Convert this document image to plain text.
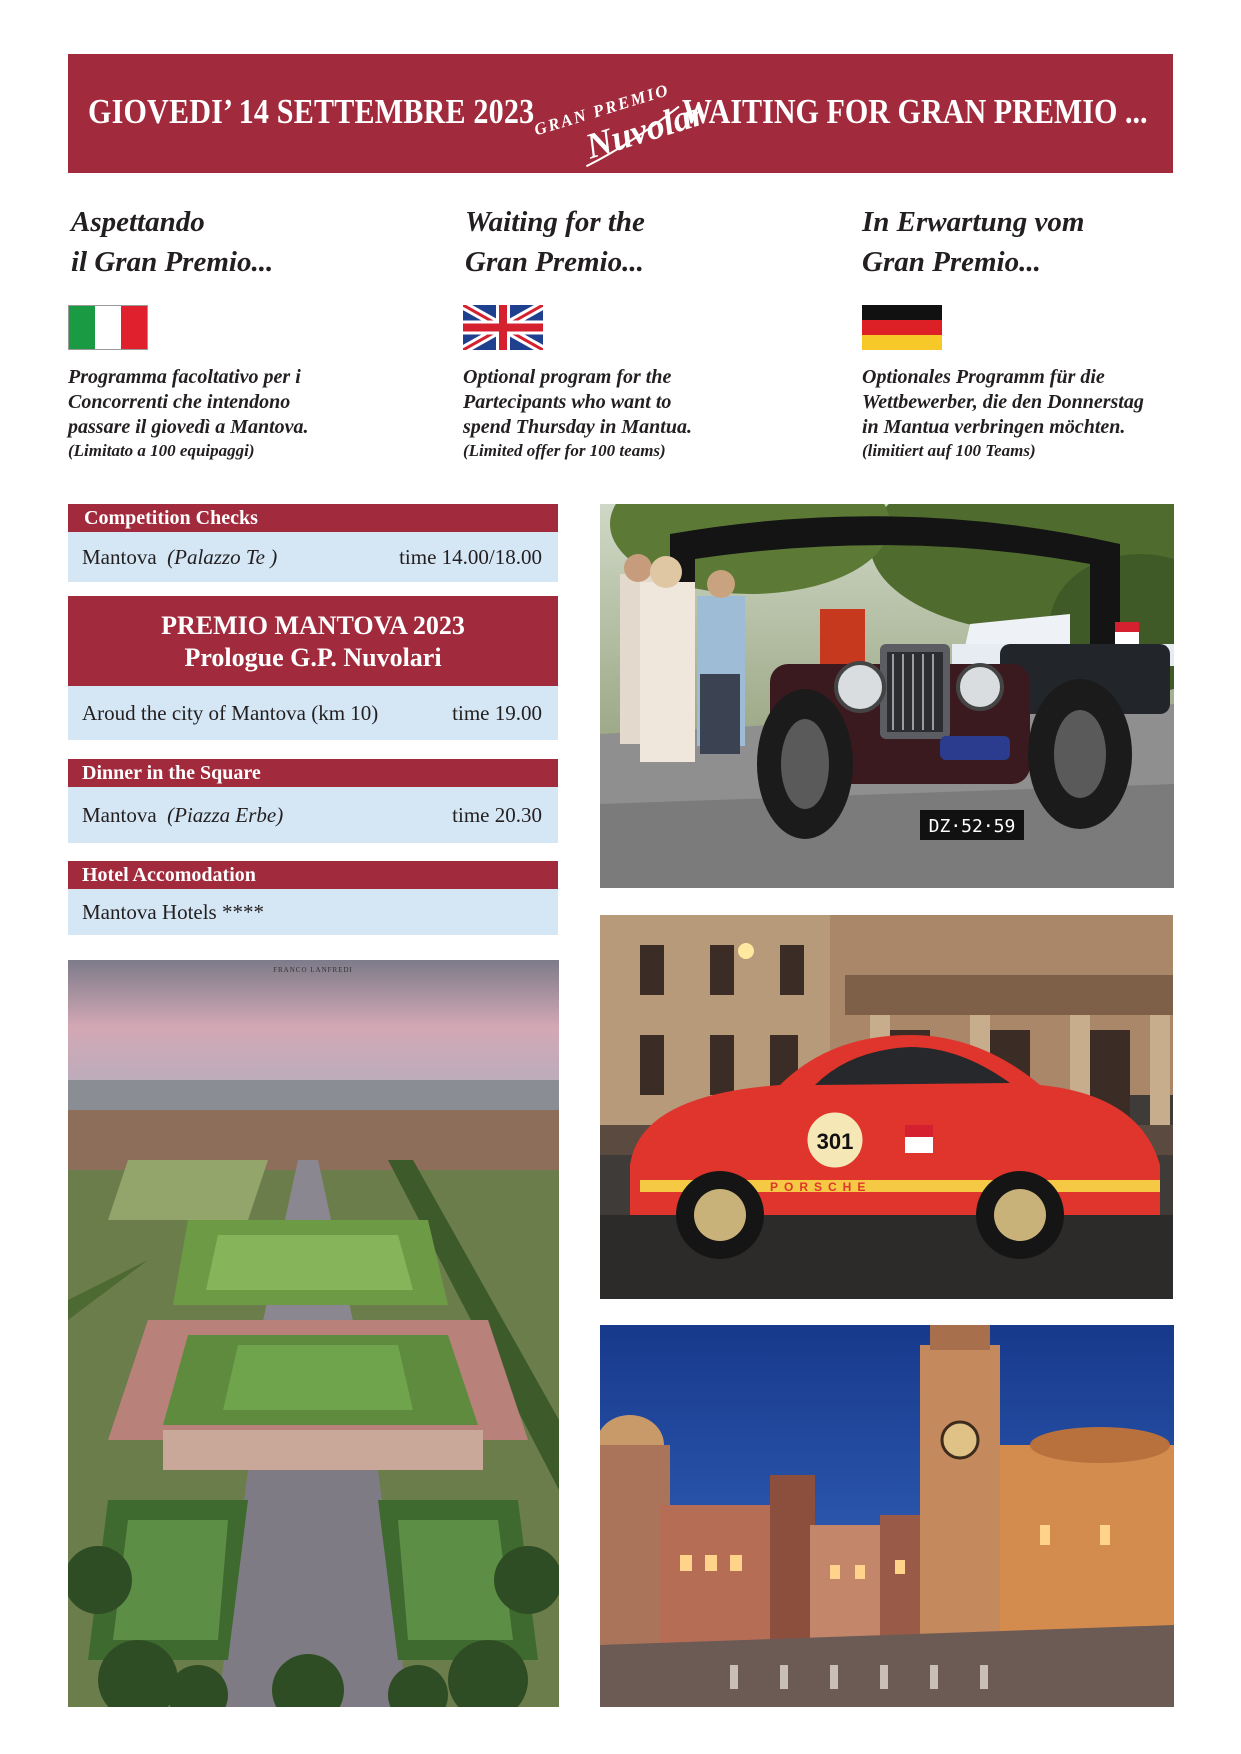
GIOVEDI’ 14 SETTEMBRE 2023
GRAN PREMIO
Nuvolari
WAITING FOR GRAN PREMIO ...
Aspettando
il Gran Premio...
Programma facoltativo per i
Concorrenti che intendono
passare il giovedì a Mantova.
(Limitato a 100 equipaggi)
Waiting for the
Gran Premio...
Optional program for the
Partecipants who want to
spend Thursday in Mantua.
(Limited offer for 100 teams)
In Erwartung vom
Gran Premio...
Optionales Programm für die
Wettbewerber, die den Donnerstag
in Mantua verbringen möchten.
(limitiert auf 100 Teams)
Competition Checks
Mantova (Palazzo Te )	time 14.00/18.00
PREMIO MANTOVA 2023
Prologue G.P. Nuvolari
Aroud the city of Mantova (km 10)	time 19.00
Dinner in the Square
Mantova (Piazza Erbe)	time 20.30
Hotel Accomodation
Mantova Hotels ****
DZ·52·59
PORSCHE
301
FRANCO LANFREDI
